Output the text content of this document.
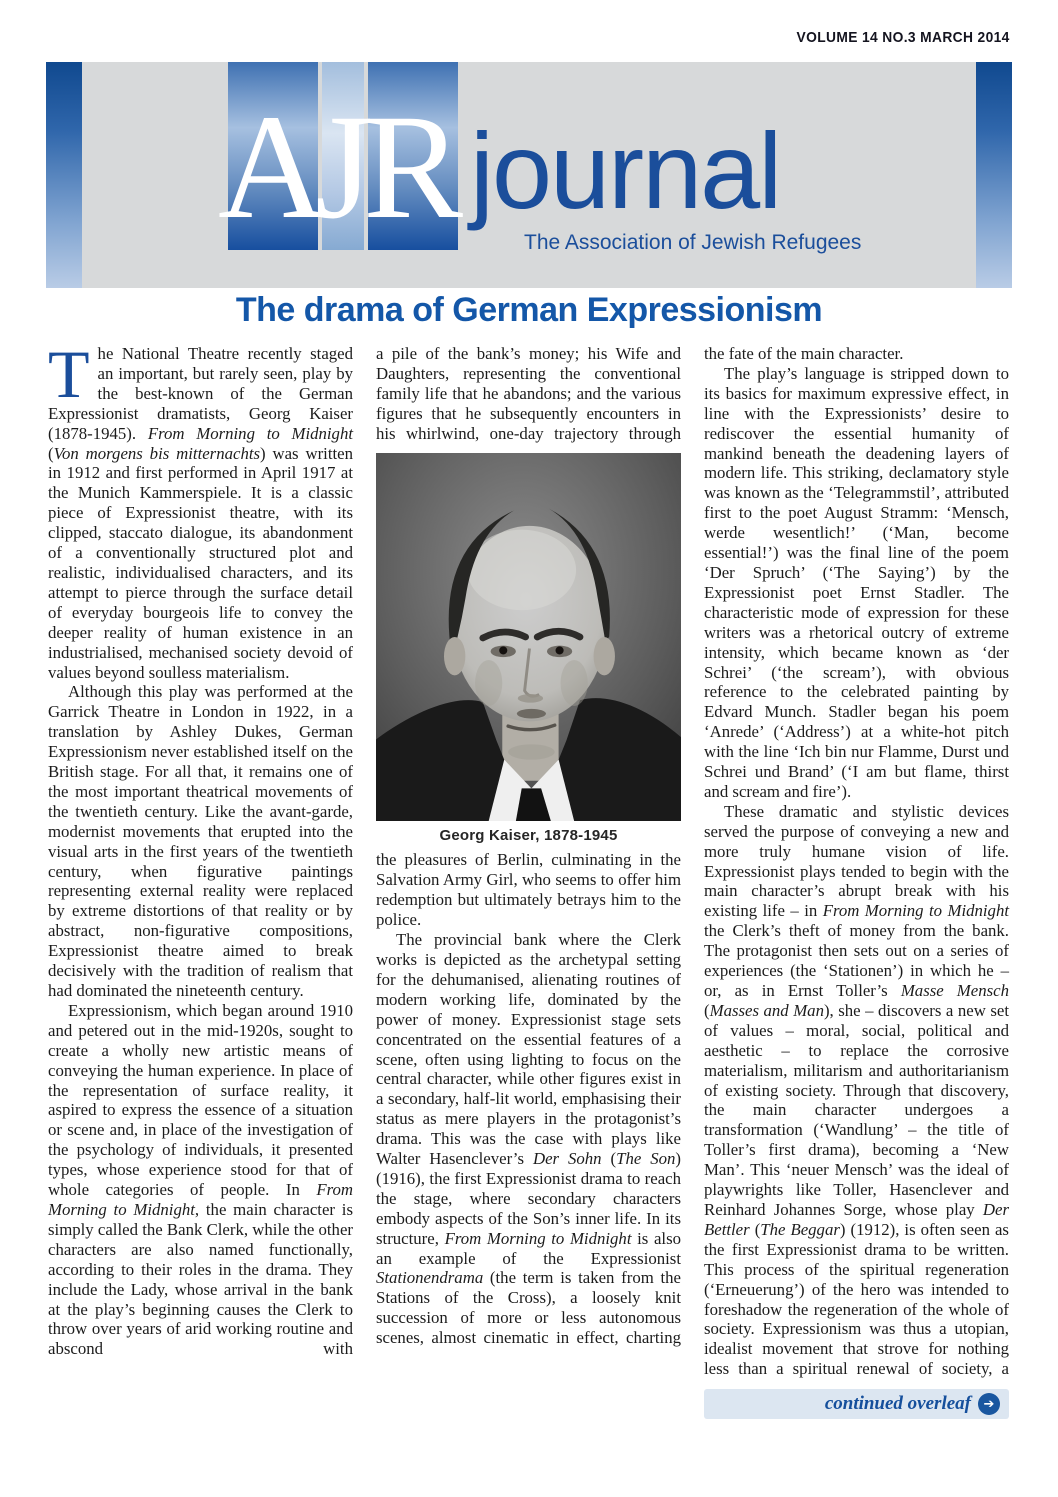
VOLUME 14 NO.3 MARCH 2014
A
J
R journal
The Association of Jewish Refugees
The drama of German Expressionism

The National Theatre recently staged an important, but rarely seen, play by the best-known of the German Expressionist dramatists, Georg Kaiser (1878-1945). From Morning to Midnight (Von morgens bis mitternachts) was written in 1912 and first performed in April 1917 at the Munich Kammerspiele. It is a classic piece of Expressionist theatre, with its clipped, staccato dialogue, its abandonment of a conventionally structured plot and realistic, individualised characters, and its attempt to pierce through the surface detail of everyday bourgeois life to convey the deeper reality of human existence in an industrialised, mechanised society devoid of values beyond soulless materialism.

Although this play was performed at the Garrick Theatre in London in 1922, in a translation by Ashley Dukes, German Expressionism never established itself on the British stage. For all that, it remains one of the most important theatrical movements of the twentieth century. Like the avant-garde, modernist movements that erupted into the visual arts in the first years of the twentieth century, when figurative paintings representing external reality were replaced by extreme distortions of that reality or by abstract, non-figurative compositions, Expressionist theatre aimed to break decisively with the tradition of realism that had dominated the nineteenth century.

Expressionism, which began around 1910 and petered out in the mid-1920s, sought to create a wholly new artistic means of conveying the human experience. In place of the representation of surface reality, it aspired to express the essence of a situation or scene and, in place of the investigation of the psychology of individuals, it presented types, whose experience stood for that of whole categories of people. In From Morning to Midnight, the main character is simply called the Bank Clerk, while the other characters are also named functionally, according to their roles in the drama. They include the Lady, whose arrival in the bank at the play’s beginning causes the Clerk to throw over years of arid working routine and abscond with

a pile of the bank’s money; his Wife and Daughters, representing the conventional family life that he abandons; and the various figures that he subsequently encounters in his whirlwind, one-day trajectory through

Georg Kaiser, 1878-1945

the pleasures of Berlin, culminating in the Salvation Army Girl, who seems to offer him redemption but ultimately betrays him to the police.

The provincial bank where the Clerk works is depicted as the archetypal setting for the dehumanised, alienating routines of modern working life, dominated by the power of money. Expressionist stage sets concentrated on the essential features of a scene, often using lighting to focus on the central character, while other figures exist in a secondary, half-lit world, emphasising their status as mere players in the protagonist’s drama. This was the case with plays like Walter Hasenclever’s Der Sohn (The Son) (1916), the first Expressionist drama to reach the stage, where secondary characters embody aspects of the Son’s inner life. In its structure, From Morning to Midnight is also an example of the Expressionist Stationendrama (the term is taken from the Stations of the Cross), a loosely knit succession of more or less autonomous scenes, almost cinematic in effect, charting

the fate of the main character.

The play’s language is stripped down to its basics for maximum expressive effect, in line with the Expressionists’ desire to rediscover the essential humanity of mankind beneath the deadening layers of modern life. This striking, declamatory style was known as the ‘Telegrammstil’, attributed first to the poet August Stramm: ‘Mensch, werde wesentlich!’ (‘Man, become essential!’) was the final line of the poem ‘Der Spruch’ (‘The Saying’) by the Expressionist poet Ernst Stadler. The characteristic mode of expression for these writers was a rhetorical outcry of extreme intensity, which became known as ‘der Schrei’ (‘the scream’), with obvious reference to the celebrated painting by Edvard Munch. Stadler began his poem ‘Anrede’ (‘Address’) at a white-hot pitch with the line ‘Ich bin nur Flamme, Durst und Schrei und Brand’ (‘I am but flame, thirst and scream and fire’).

These dramatic and stylistic devices served the purpose of conveying a new and more truly humane vision of life. Expressionist plays tended to begin with the main character’s abrupt break with his existing life – in From Morning to Midnight the Clerk’s theft of money from the bank. The protagonist then sets out on a series of experiences (the ‘Stationen’) in which he – or, as in Ernst Toller’s Masse Mensch (Masses and Man), she – discovers a new set of values – moral, social, political and aesthetic – to replace the corrosive materialism, militarism and authoritarianism of existing society. Through that discovery, the main character undergoes a transformation (‘Wandlung’ – the title of Toller’s first drama), becoming a ‘New Man’. This ‘neuer Mensch’ was the ideal of playwrights like Toller, Hasenclever and Reinhard Johannes Sorge, whose play Der Bettler (The Beggar) (1912), is often seen as the first Expressionist drama to be written. This process of the spiritual regeneration (‘Erneuerung’) of the hero was intended to foreshadow the regeneration of the whole of society. Expressionism was thus a utopian, idealist movement that strove for nothing less than a spiritual renewal of society, a

continued overleaf ➔
